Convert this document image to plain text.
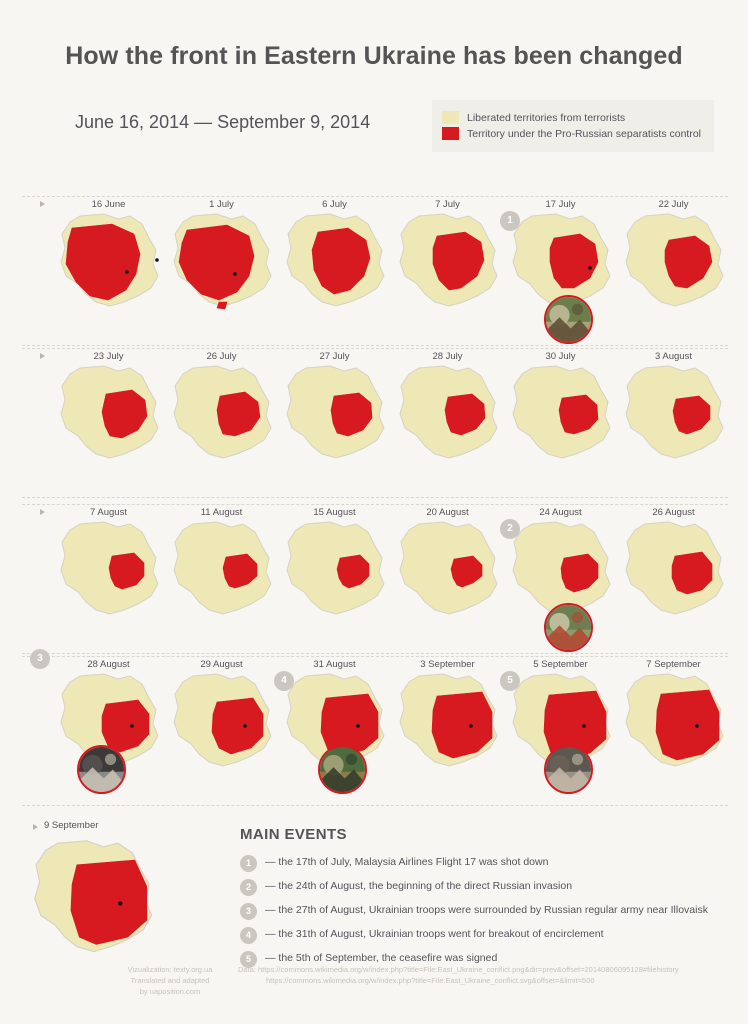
How the front in Eastern Ukraine has been changed
June 16, 2014 — September 9, 2014	Liberated territories from terrorists
Territory under the Pro-Russian separatists control
16 June	1 July	6 July	7 July	17 July
1
22 July
23 July	26 July	27 July	28 July	30 July	3 August
7 August	11 August	15 August	20 August	24 August
2
26 August
28 August
3
29 August	31 August
4
3 September	5 September
5
7 September
9 September
MAIN EVENTS
1	— the 17th of July, Malaysia Airlines Flight 17 was shot down
2	— the 24th of August, the beginning of the direct Russian invasion
3	— the 27th of August, Ukrainian troops were surrounded by Russian regular army near Illovaisk
4	— the 31th of August, Ukrainian troops went for breakout of encirclement
5	— the 5th of September, the ceasefire was signed
Vizualization: texty.org.ua
Translated and adapted
by uaposition.com
Data: https://commons.wikimedia.org/w/index.php?title=File:East_Ukraine_conflict.png&dir=prev&offset=20140806095128#filehistory
https://commons.wikimedia.org/w/index.php?title=File:East_Ukraine_conflict.svg&offset=&limit=500
